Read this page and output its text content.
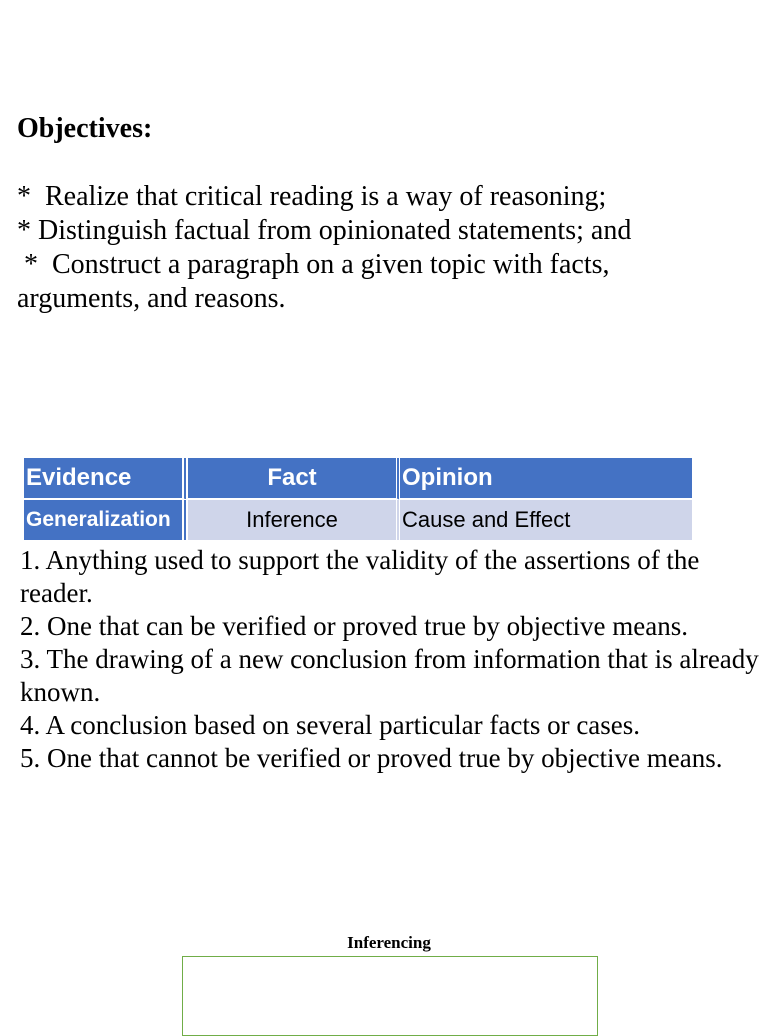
Objectives:
*  Realize that critical reading is a way of reasoning;
* Distinguish factual from opinionated statements; and
*  Construct a paragraph on a given topic with facts,
arguments, and reasons.
Evidence	Fact	Opinion
Generalization	Inference	Cause and Effect
1. Anything used to support the validity of the assertions of the reader.
2. One that can be verified or proved true by objective means.
3. The drawing of a new conclusion from information that is already known.
4. A conclusion based on several particular facts or cases.
5. One that cannot be verified or proved true by objective means.
Inferencing
